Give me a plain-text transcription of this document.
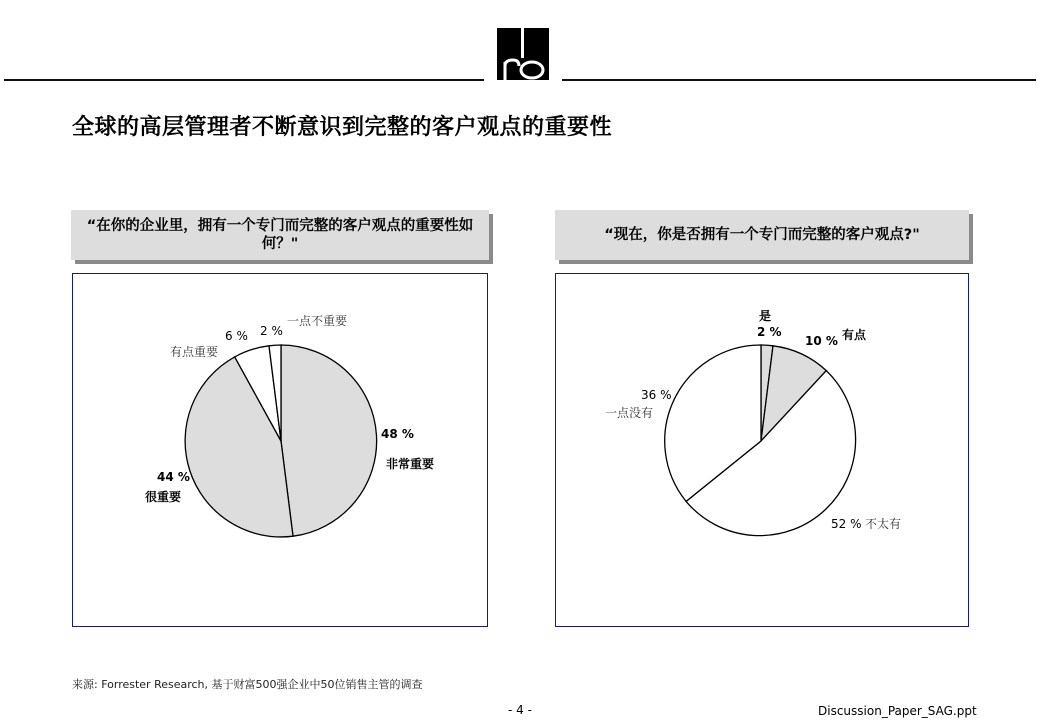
全球的高层管理者不断意识到完整的客户观点的重要性
“在你的企业里，拥有一个专门而完整的客户观点的重要性如何？"
“现在，你是否拥有一个专门而完整的客户观点?"
48 %
非常重要
44 %
很重要
6 %
有点重要
2 %
一点不重要	是
2 %
10 % 有点
52 % 不太有
36 %
一点没有
来源: Forrester Research, 基于财富500强企业中50位销售主管的调查
- 4 -	Discussion_Paper_SAG.ppt
